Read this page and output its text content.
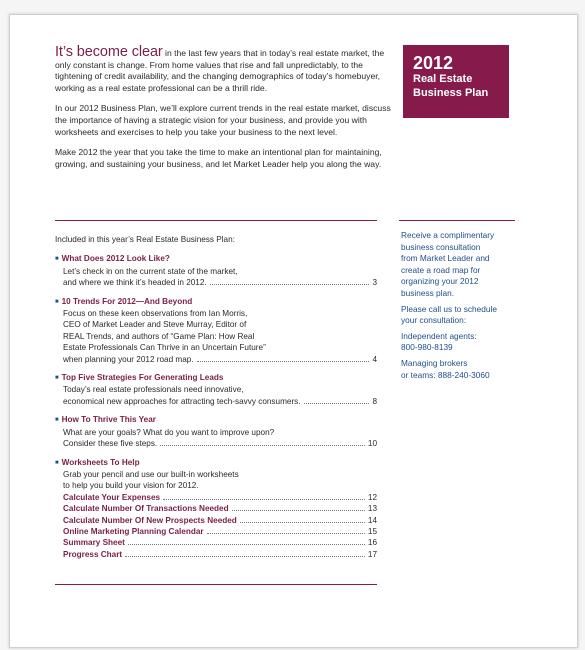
It’s become clear in the last few years that in today’s real estate market, the only constant is change. From home values that rise and fall unpredictably, to the tightening of credit availability, and the changing demographics of today’s homebuyer, working as a real estate professional can be a thrill ride.

In our 2012 Business Plan, we’ll explore current trends in the real estate market, discuss the importance of having a strategic vision for your business, and provide you with worksheets and exercises to help you take your business to the next level.

Make 2012 the year that you take the time to make an intentional plan for maintaining, growing, and sustaining your business, and let Market Leader help you along the way.

2012
Real Estate
Business Plan
Included in this year’s Real Estate Business Plan:
■ What Does 2012 Look Like?
Let’s check in on the current state of the market,
and where we think it’s headed in 2012.	3
■ 10 Trends For 2012—And Beyond
Focus on these keen observations from Ian Morris,
CEO of Market Leader and Steve Murray, Editor of
REAL Trends, and authors of “Game Plan: How Real
Estate Professionals Can Thrive in an Uncertain Future”
when planning your 2012 road map.	4
■ Top Five Strategies For Generating Leads
Today’s real estate professionals need innovative,
economical new approaches for attracting tech-savvy consumers.	8
■ How To Thrive This Year
What are your goals? What do you want to improve upon?
Consider these five steps.	10
■ Worksheets To Help
Grab your pencil and use our built-in worksheets
to help you build your vision for 2012.
Calculate Your Expenses	12
Calculate Number Of Transactions Needed	13
Calculate Number Of New Prospects Needed	14
Online Marketing Planning Calendar	15
Summary Sheet	16
Progress Chart	17

Receive a complimentary
business consultation
from Market Leader and
create a road map for
organizing your 2012
business plan.

Please call us to schedule
your consultation:

Independent agents:
800-980-8139

Managing brokers
or teams: 888-240-3060
